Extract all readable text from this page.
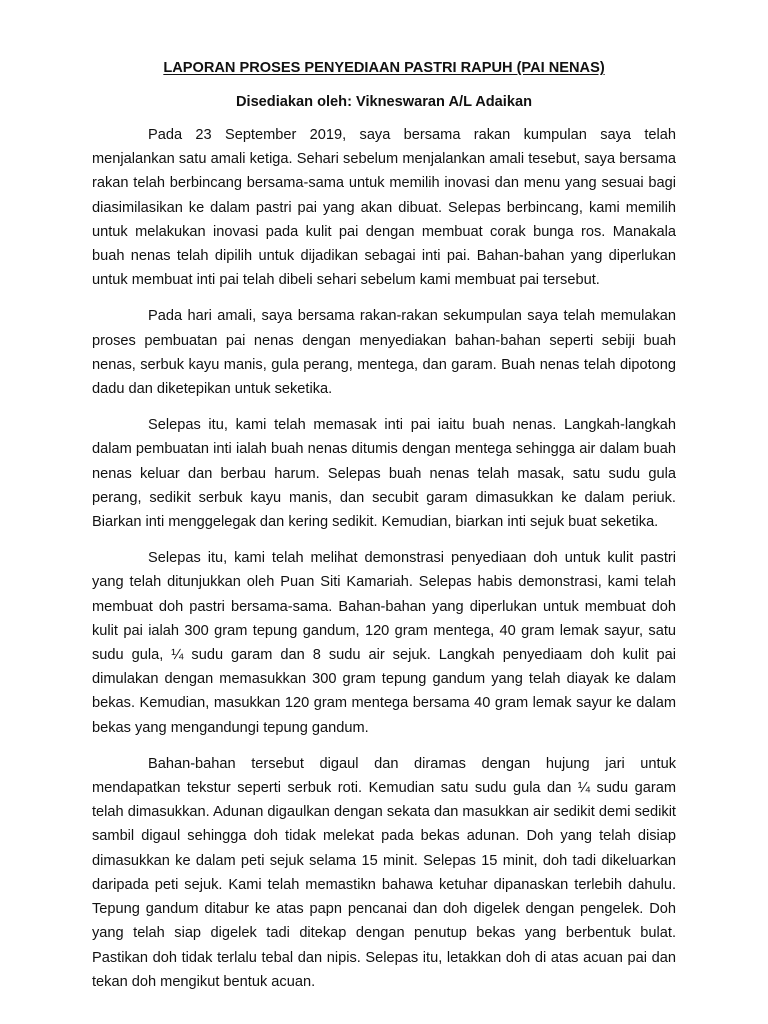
LAPORAN PROSES PENYEDIAAN PASTRI RAPUH (PAI NENAS)

Disediakan oleh: Vikneswaran A/L Adaikan

Pada 23 September 2019, saya bersama rakan kumpulan saya telah menjalankan satu amali ketiga. Sehari sebelum menjalankan amali tesebut, saya bersama rakan telah berbincang bersama-sama untuk memilih inovasi dan menu yang sesuai bagi diasimilasikan ke dalam pastri pai yang akan dibuat. Selepas berbincang, kami memilih untuk melakukan inovasi pada kulit pai dengan membuat corak bunga ros. Manakala buah nenas telah dipilih untuk dijadikan sebagai inti pai. Bahan-bahan yang diperlukan untuk membuat inti pai telah dibeli sehari sebelum kami membuat pai tersebut.

Pada hari amali, saya bersama rakan-rakan sekumpulan saya telah memulakan proses pembuatan pai nenas dengan menyediakan bahan-bahan seperti sebiji buah nenas, serbuk kayu manis, gula perang, mentega, dan garam. Buah nenas telah dipotong dadu dan diketepikan untuk seketika.

Selepas itu, kami telah memasak inti pai iaitu buah nenas. Langkah-langkah dalam pembuatan inti ialah buah nenas ditumis dengan mentega sehingga air dalam buah nenas keluar dan berbau harum. Selepas buah nenas telah masak, satu sudu gula perang, sedikit serbuk kayu manis, dan secubit garam dimasukkan ke dalam periuk. Biarkan inti menggelegak dan kering sedikit. Kemudian, biarkan inti sejuk buat seketika.

Selepas itu, kami telah melihat demonstrasi penyediaan doh untuk kulit pastri yang telah ditunjukkan oleh Puan Siti Kamariah. Selepas habis demonstrasi, kami telah membuat doh pastri bersama-sama. Bahan-bahan yang diperlukan untuk membuat doh kulit pai ialah 300 gram tepung gandum, 120 gram mentega, 40 gram lemak sayur, satu sudu gula, ¼ sudu garam dan 8 sudu air sejuk. Langkah penyediaam doh kulit pai dimulakan dengan memasukkan 300 gram tepung gandum yang telah diayak ke dalam bekas. Kemudian, masukkan 120 gram mentega bersama 40 gram lemak sayur ke dalam bekas yang mengandungi tepung gandum.

Bahan-bahan tersebut digaul dan diramas dengan hujung jari untuk mendapatkan tekstur seperti serbuk roti. Kemudian satu sudu gula dan ¼ sudu garam telah dimasukkan. Adunan digaulkan dengan sekata dan masukkan air sedikit demi sedikit sambil digaul sehingga doh tidak melekat pada bekas adunan. Doh yang telah disiap dimasukkan ke dalam peti sejuk selama 15 minit. Selepas 15 minit, doh tadi dikeluarkan daripada peti sejuk. Kami telah memastikn bahawa ketuhar dipanaskan terlebih dahulu. Tepung gandum ditabur ke atas papn pencanai dan doh digelek dengan pengelek. Doh yang telah siap digelek tadi ditekap dengan penutup bekas yang berbentuk bulat. Pastikan doh tidak terlalu tebal dan nipis. Selepas itu, letakkan doh di atas acuan pai dan tekan doh mengikut bentuk acuan.
